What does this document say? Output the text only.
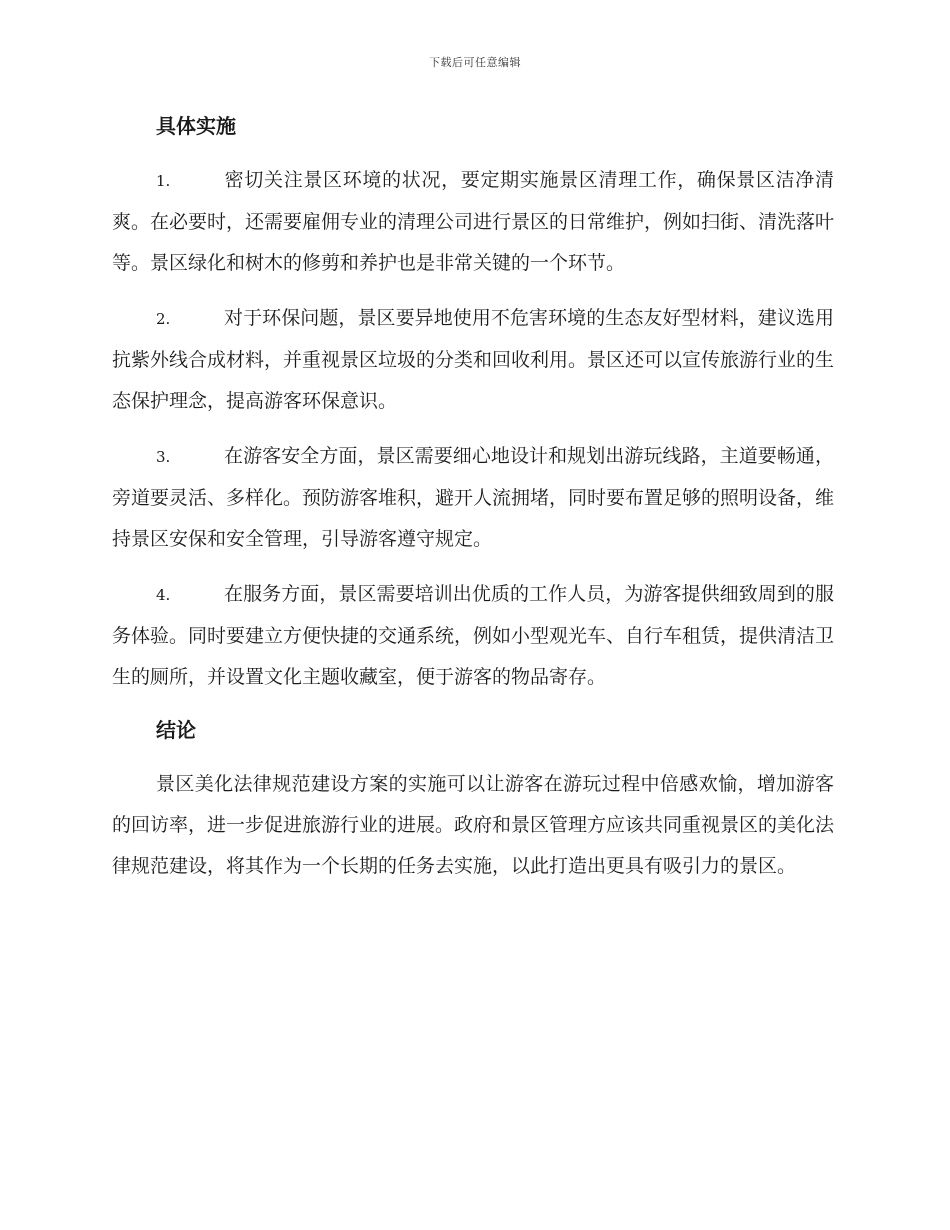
下载后可任意编辑
具体实施

1.	密切关注景区环境的状况，要定期实施景区清理工作，确保景区洁净清爽。在必要时，还需要雇佣专业的清理公司进行景区的日常维护，例如扫街、清洗落叶等。景区绿化和树木的修剪和养护也是非常关键的一个环节。

2.	对于环保问题，景区要异地使用不危害环境的生态友好型材料，建议选用抗紫外线合成材料，并重视景区垃圾的分类和回收利用。景区还可以宣传旅游行业的生态保护理念，提高游客环保意识。

3.	在游客安全方面，景区需要细心地设计和规划出游玩线路，主道要畅通，旁道要灵活、多样化。预防游客堆积，避开人流拥堵，同时要布置足够的照明设备，维持景区安保和安全管理，引导游客遵守规定。

4.	在服务方面，景区需要培训出优质的工作人员，为游客提供细致周到的服务体验。同时要建立方便快捷的交通系统，例如小型观光车、自行车租赁，提供清洁卫生的厕所，并设置文化主题收藏室，便于游客的物品寄存。

结论

景区美化法律规范建设方案的实施可以让游客在游玩过程中倍感欢愉，增加游客的回访率，进一步促进旅游行业的进展。政府和景区管理方应该共同重视景区的美化法律规范建设，将其作为一个长期的任务去实施，以此打造出更具有吸引力的景区。
